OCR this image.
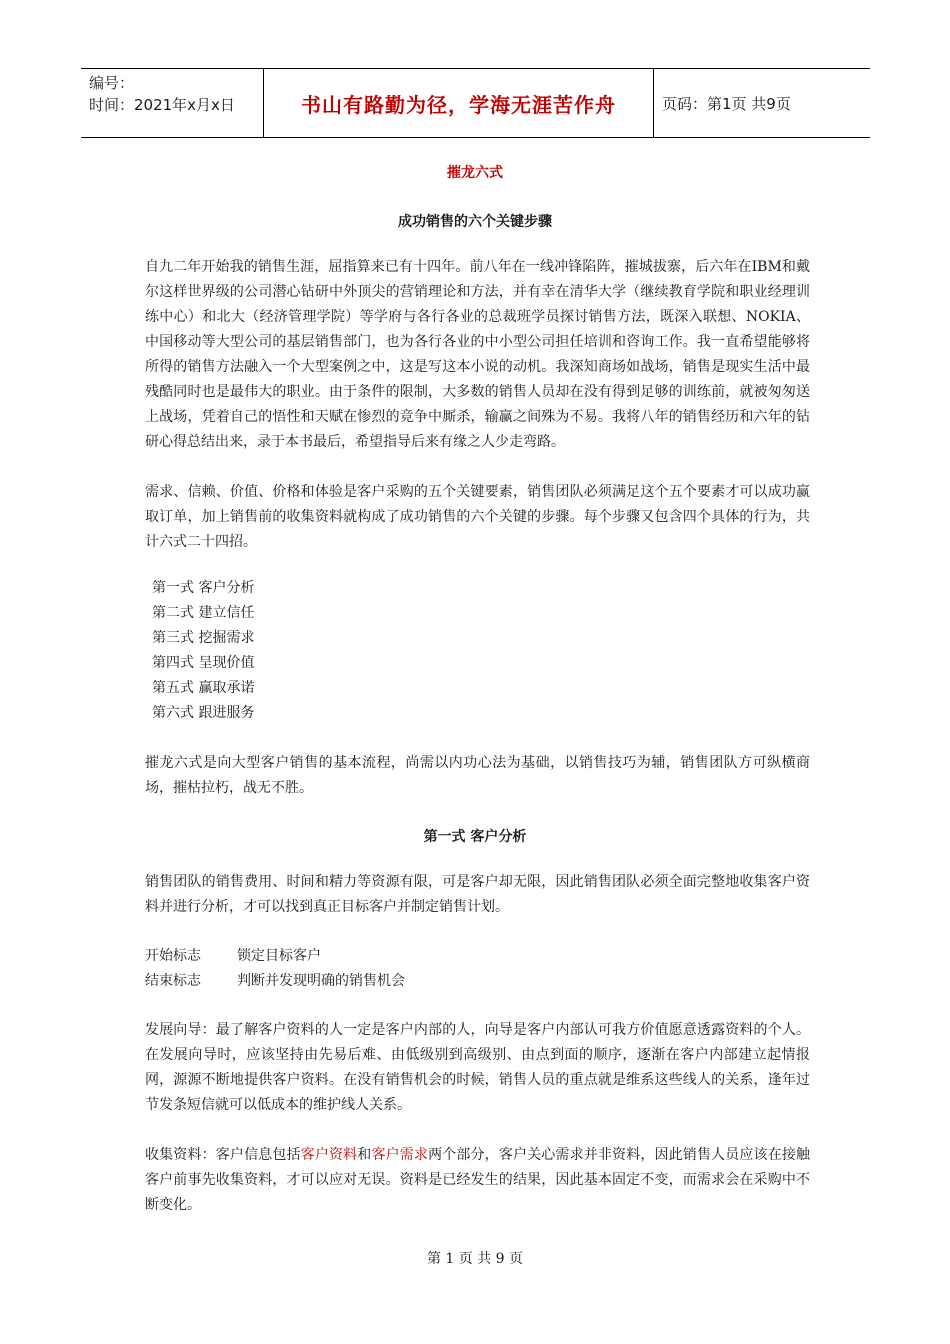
编号：
时间：2021年x月x日	书山有路勤为径，学海无涯苦作舟	页码：第1页 共9页
摧龙六式
成功销售的六个关键步骤
自九二年开始我的销售生涯，屈指算来已有十四年。前八年在一线冲锋陷阵，摧城拔寨，后六年在IBM和戴尔这样世界级的公司潜心钻研中外顶尖的营销理论和方法，并有幸在清华大学（继续教育学院和职业经理训练中心）和北大（经济管理学院）等学府与各行各业的总裁班学员探讨销售方法，既深入联想、NOKIA、中国移动等大型公司的基层销售部门，也为各行各业的中小型公司担任培训和咨询工作。我一直希望能够将所得的销售方法融入一个大型案例之中，这是写这本小说的动机。我深知商场如战场，销售是现实生活中最残酷同时也是最伟大的职业。由于条件的限制，大多数的销售人员却在没有得到足够的训练前，就被匆匆送上战场，凭着自己的悟性和天赋在惨烈的竞争中厮杀，输赢之间殊为不易。我将八年的销售经历和六年的钻研心得总结出来，录于本书最后，希望指导后来有缘之人少走弯路。
需求、信赖、价值、价格和体验是客户采购的五个关键要素，销售团队必须满足这个五个要素才可以成功赢取订单，加上销售前的收集资料就构成了成功销售的六个关键的步骤。每个步骤又包含四个具体的行为，共计六式二十四招。
第一式 客户分析
第二式 建立信任
第三式 挖掘需求
第四式 呈现价值
第五式 赢取承诺
第六式 跟进服务
摧龙六式是向大型客户销售的基本流程，尚需以内功心法为基础，以销售技巧为辅，销售团队方可纵横商场，摧枯拉朽，战无不胜。
第一式 客户分析
销售团队的销售费用、时间和精力等资源有限，可是客户却无限，因此销售团队必须全面完整地收集客户资料并进行分析，才可以找到真正目标客户并制定销售计划。
开始标志	锁定目标客户
结束标志	判断并发现明确的销售机会
发展向导：最了解客户资料的人一定是客户内部的人，向导是客户内部认可我方价值愿意透露资料的个人。在发展向导时，应该坚持由先易后难、由低级别到高级别、由点到面的顺序，逐渐在客户内部建立起情报网，源源不断地提供客户资料。在没有销售机会的时候，销售人员的重点就是维系这些线人的关系，逢年过节发条短信就可以低成本的维护线人关系。
收集资料：客户信息包括客户资料和客户需求两个部分，客户关心需求并非资料，因此销售人员应该在接触客户前事先收集资料，才可以应对无误。资料是已经发生的结果，因此基本固定不变，而需求会在采购中不断变化。
第 1 页 共 9 页
